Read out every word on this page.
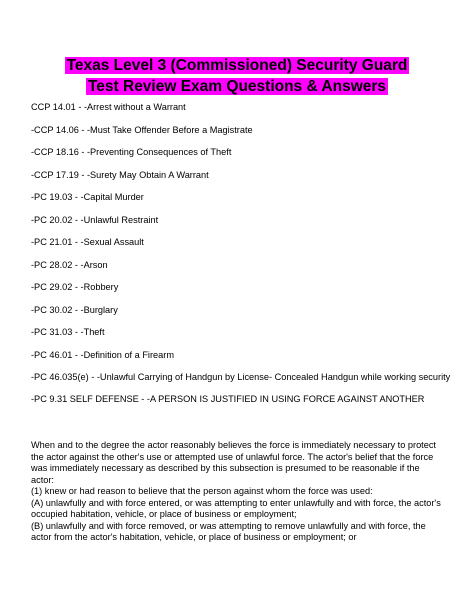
Texas Level 3 (Commissioned) Security Guard
Test Review Exam Questions & Answers

CCP 14.01 - -Arrest without a Warrant

-CCP 14.06 - -Must Take Offender Before a Magistrate

-CCP 18.16 - -Preventing Consequences of Theft

-CCP 17.19 - -Surety May Obtain A Warrant

-PC 19.03 - -Capital Murder

-PC 20.02 - -Unlawful Restraint

-PC 21.01 - -Sexual Assault

-PC 28.02 - -Arson

-PC 29.02 - -Robbery

-PC 30.02 - -Burglary

-PC 31.03 - -Theft

-PC 46.01 - -Definition of a Firearm

-PC 46.035(e) - -Unlawful Carrying of Handgun by License- Concealed Handgun while working security

-PC 9.31 SELF DEFENSE - -A PERSON IS JUSTIFIED IN USING FORCE AGAINST ANOTHER

When and to the degree the actor reasonably believes the force is immediately necessary to protect the actor against the other's use or attempted use of unlawful force. The actor's belief that the force was immediately necessary as described by this subsection is presumed to be reasonable if the actor:

(1) knew or had reason to believe that the person against whom the force was used:

(A) unlawfully and with force entered, or was attempting to enter unlawfully and with force, the actor's occupied habitation, vehicle, or place of business or employment;

(B) unlawfully and with force removed, or was attempting to remove unlawfully and with force, the actor from the actor's habitation, vehicle, or place of business or employment; or
